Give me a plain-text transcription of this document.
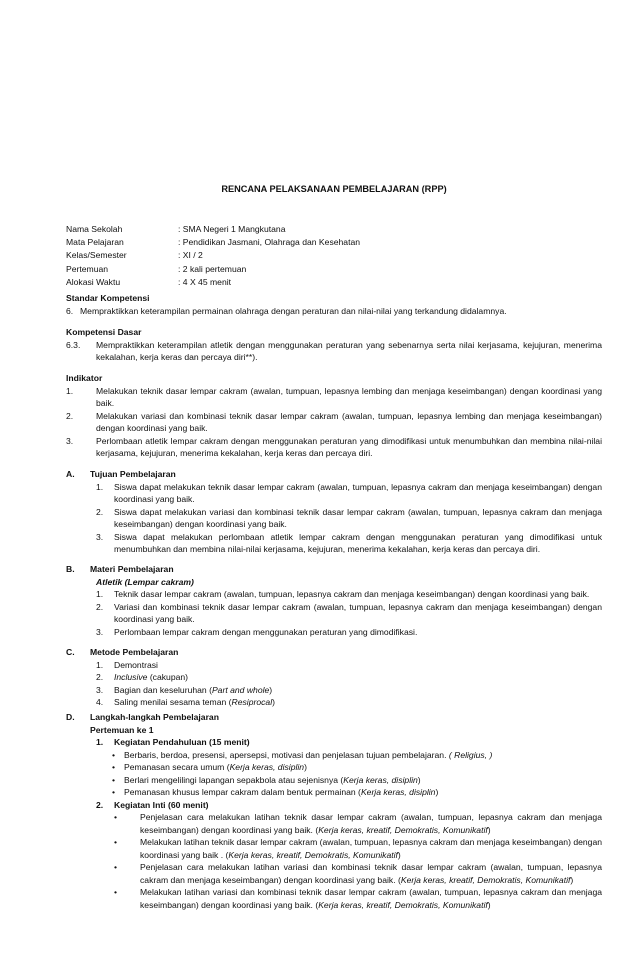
RENCANA PELAKSANAAN PEMBELAJARAN (RPP)
Nama Sekolah	: SMA Negeri 1 Mangkutana
Mata Pelajaran	: Pendidikan Jasmani, Olahraga dan Kesehatan
Kelas/Semester	: XI / 2
Pertemuan	: 2 kali pertemuan
Alokasi Waktu	: 4 X 45 menit
Standar Kompetensi
6. Mempraktikkan keterampilan permainan olahraga dengan peraturan dan nilai-nilai yang terkandung didalamnya.
Kompetensi Dasar
6.3.	Mempraktikkan keterampilan atletik dengan menggunakan peraturan yang sebenarnya serta nilai kerjasama, kejujuran, menerima kekalahan, kerja keras dan percaya diri**).
Indikator
1.	Melakukan teknik dasar lempar cakram (awalan, tumpuan, lepasnya lembing dan menjaga keseimbangan) dengan koordinasi yang baik.
2.	Melakukan variasi dan kombinasi teknik dasar lempar cakram (awalan, tumpuan, lepasnya lembing dan menjaga keseimbangan) dengan koordinasi yang baik.
3.	Perlombaan atletik lempar cakram dengan menggunakan peraturan yang dimodifikasi untuk menumbuhkan dan membina nilai-nilai kerjasama, kejujuran, menerima kekalahan, kerja keras dan percaya diri.
A.	Tujuan Pembelajaran
1.	Siswa dapat melakukan teknik dasar lempar cakram (awalan, tumpuan, lepasnya cakram dan menjaga keseimbangan) dengan koordinasi yang baik.
2.	Siswa dapat melakukan variasi dan kombinasi teknik dasar lempar cakram (awalan, tumpuan, lepasnya cakram dan menjaga keseimbangan) dengan koordinasi yang baik.
3.	Siswa dapat melakukan perlombaan atletik lempar cakram dengan menggunakan peraturan yang dimodifikasi untuk menumbuhkan dan membina nilai-nilai kerjasama, kejujuran, menerima kekalahan, kerja keras dan percaya diri.
B.	Materi Pembelajaran
Atletik (Lempar cakram)
1.	Teknik dasar lempar cakram (awalan, tumpuan, lepasnya cakram dan menjaga keseimbangan) dengan koordinasi yang baik.
2.	Variasi dan kombinasi teknik dasar lempar cakram (awalan, tumpuan, lepasnya cakram dan menjaga keseimbangan) dengan koordinasi yang baik.
3.	Perlombaan lempar cakram dengan menggunakan peraturan yang dimodifikasi.
C.	Metode Pembelajaran
1.	Demontrasi
2.	Inclusive (cakupan)
3.	Bagian dan keseluruhan (Part and whole)
4.	Saling menilai sesama teman (Resiprocal)
D.	Langkah-langkah Pembelajaran
Pertemuan ke 1
1.	Kegiatan Pendahuluan (15 menit)
•	Berbaris, berdoa, presensi, apersepsi, motivasi dan penjelasan tujuan pembelajaran. ( Religius, )
•	Pemanasan secara umum (Kerja keras, disiplin)
•	Berlari mengelilingi lapangan sepakbola atau sejenisnya (Kerja keras, disiplin)
•	Pemanasan khusus lempar cakram dalam bentuk permainan (Kerja keras, disiplin)
2.	Kegiatan Inti (60 menit)
•	Penjelasan cara melakukan latihan teknik dasar lempar cakram (awalan, tumpuan, lepasnya cakram dan menjaga keseimbangan) dengan koordinasi yang baik. (Kerja keras, kreatif, Demokratis, Komunikatif)
•	Melakukan latihan teknik dasar lempar cakram (awalan, tumpuan, lepasnya cakram dan menjaga keseimbangan) dengan koordinasi yang baik . (Kerja keras, kreatif, Demokratis, Komunikatif)
•	Penjelasan cara melakukan latihan variasi dan kombinasi teknik dasar lempar cakram (awalan, tumpuan, lepasnya cakram dan menjaga keseimbangan) dengan koordinasi yang baik. (Kerja keras, kreatif, Demokratis, Komunikatif)
•	Melakukan latihan variasi dan kombinasi teknik dasar lempar cakram (awalan, tumpuan, lepasnya cakram dan menjaga keseimbangan) dengan koordinasi yang baik. (Kerja keras, kreatif, Demokratis, Komunikatif)
